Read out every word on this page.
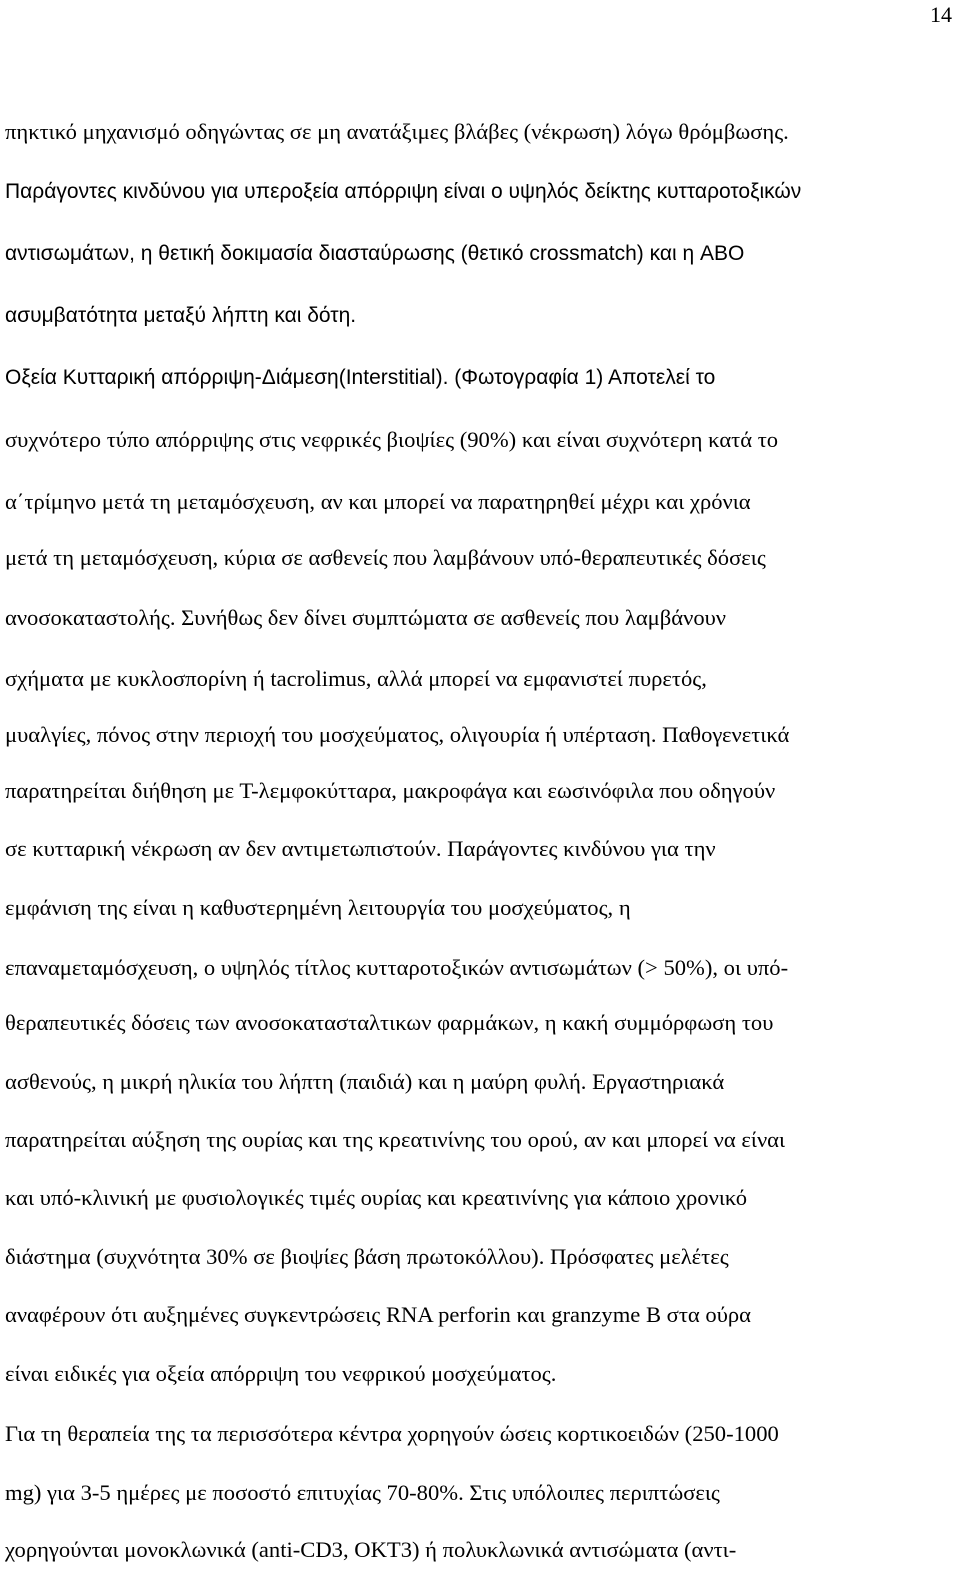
14
πηκτικό μηχανισμό οδηγώντας σε μη ανατάξιμες βλάβες (νέκρωση) λόγω θρόμβωσης.
Παράγοντες κινδύνου για υπεροξεία απόρριψη είναι ο υψηλός δείκτης κυτταροτοξικών
αντισωμάτων, η θετική δοκιμασία διασταύρωσης (θετικό crossmatch) και η ABO
ασυμβατότητα μεταξύ λήπτη και δότη.
Οξεία Κυτταρική απόρριψη-Διάμεση(Interstitial). (Φωτογραφία 1) Αποτελεί το
συχνότερο τύπο απόρριψης στις νεφρικές βιοψίες (90%) και είναι συχνότερη κατά το
α΄τρίμηνο μετά τη μεταμόσχευση, αν και μπορεί να παρατηρηθεί μέχρι και χρόνια
μετά τη μεταμόσχευση, κύρια σε ασθενείς που λαμβάνουν υπό-θεραπευτικές δόσεις
ανοσοκαταστολής. Συνήθως δεν δίνει συμπτώματα σε ασθενείς που λαμβάνουν
σχήματα με κυκλοσπορίνη ή tacrolimus, αλλά μπορεί να εμφανιστεί πυρετός,
μυαλγίες, πόνος στην περιοχή του μοσχεύματος, ολιγουρία ή υπέρταση. Παθογενετικά
παρατηρείται διήθηση με Τ-λεμφοκύτταρα, μακροφάγα και εωσινόφιλα που οδηγούν
σε κυτταρική νέκρωση αν δεν αντιμετωπιστούν. Παράγοντες κινδύνου για την
εμφάνιση της είναι η καθυστερημένη λειτουργία του μοσχεύματος, η
επαναμεταμόσχευση, ο υψηλός τίτλος κυτταροτοξικών αντισωμάτων (> 50%), οι υπό-
θεραπευτικές δόσεις των ανοσοκατασταλτικων φαρμάκων, η κακή συμμόρφωση του
ασθενούς, η μικρή ηλικία του λήπτη (παιδιά) και η μαύρη φυλή. Εργαστηριακά
παρατηρείται αύξηση της ουρίας και της κρεατινίνης του ορού, αν και μπορεί να είναι
και υπό-κλινική με φυσιολογικές τιμές ουρίας και κρεατινίνης για κάποιο χρονικό
διάστημα (συχνότητα 30% σε βιοψίες βάση πρωτοκόλλου). Πρόσφατες μελέτες
αναφέρουν ότι αυξημένες συγκεντρώσεις RNA perforin και granzyme B στα ούρα
είναι ειδικές για οξεία απόρριψη του νεφρικού μοσχεύματος.
Για τη θεραπεία της τα περισσότερα κέντρα χορηγούν ώσεις κορτικοειδών (250-1000
mg) για 3-5 ημέρες με ποσοστό επιτυχίας 70-80%. Στις υπόλοιπες περιπτώσεις
χορηγούνται μονοκλωνικά (anti-CD3, OKT3) ή πολυκλωνικά αντισώματα (αντι-
